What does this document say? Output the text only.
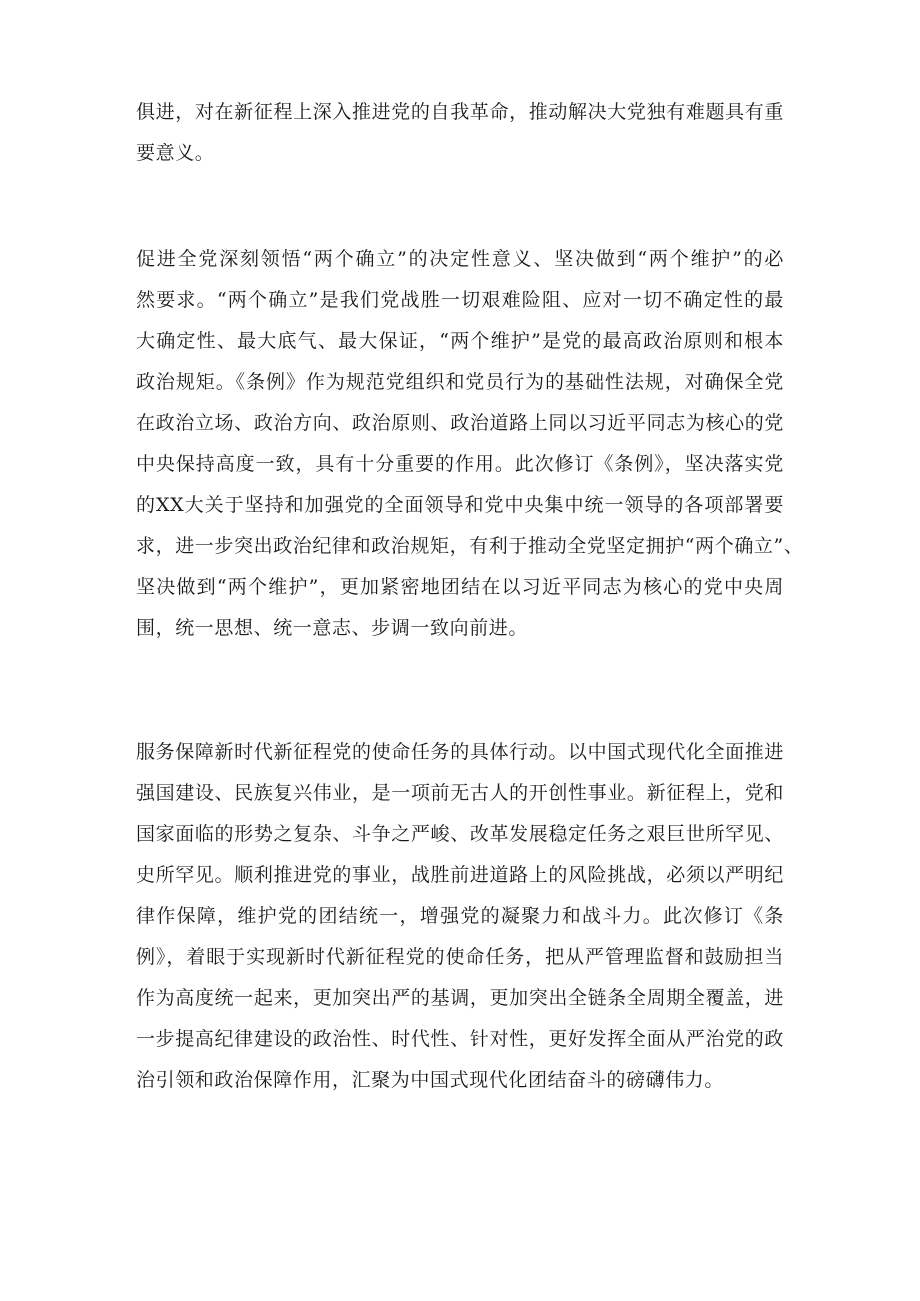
俱进，对在新征程上深入推进党的自我革命，推动解决大党独有难题具有重
要意义。
促进全党深刻领悟“两个确立”的决定性意义、坚决做到“两个维护”的必
然要求。“两个确立”是我们党战胜一切艰难险阻、应对一切不确定性的最
大确定性、最大底气、最大保证，“两个维护”是党的最高政治原则和根本
政治规矩。《条例》作为规范党组织和党员行为的基础性法规，对确保全党
在政治立场、政治方向、政治原则、政治道路上同以习近平同志为核心的党
中央保持高度一致，具有十分重要的作用。此次修订《条例》，坚决落实党
的XX大关于坚持和加强党的全面领导和党中央集中统一领导的各项部署要
求，进一步突出政治纪律和政治规矩，有利于推动全党坚定拥护“两个确立”、
坚决做到“两个维护”，更加紧密地团结在以习近平同志为核心的党中央周
围，统一思想、统一意志、步调一致向前进。
服务保障新时代新征程党的使命任务的具体行动。以中国式现代化全面推进
强国建设、民族复兴伟业，是一项前无古人的开创性事业。新征程上，党和
国家面临的形势之复杂、斗争之严峻、改革发展稳定任务之艰巨世所罕见、
史所罕见。顺利推进党的事业，战胜前进道路上的风险挑战，必须以严明纪
律作保障，维护党的团结统一，增强党的凝聚力和战斗力。此次修订《条
例》，着眼于实现新时代新征程党的使命任务，把从严管理监督和鼓励担当
作为高度统一起来，更加突出严的基调，更加突出全链条全周期全覆盖，进
一步提高纪律建设的政治性、时代性、针对性，更好发挥全面从严治党的政
治引领和政治保障作用，汇聚为中国式现代化团结奋斗的磅礴伟力。
